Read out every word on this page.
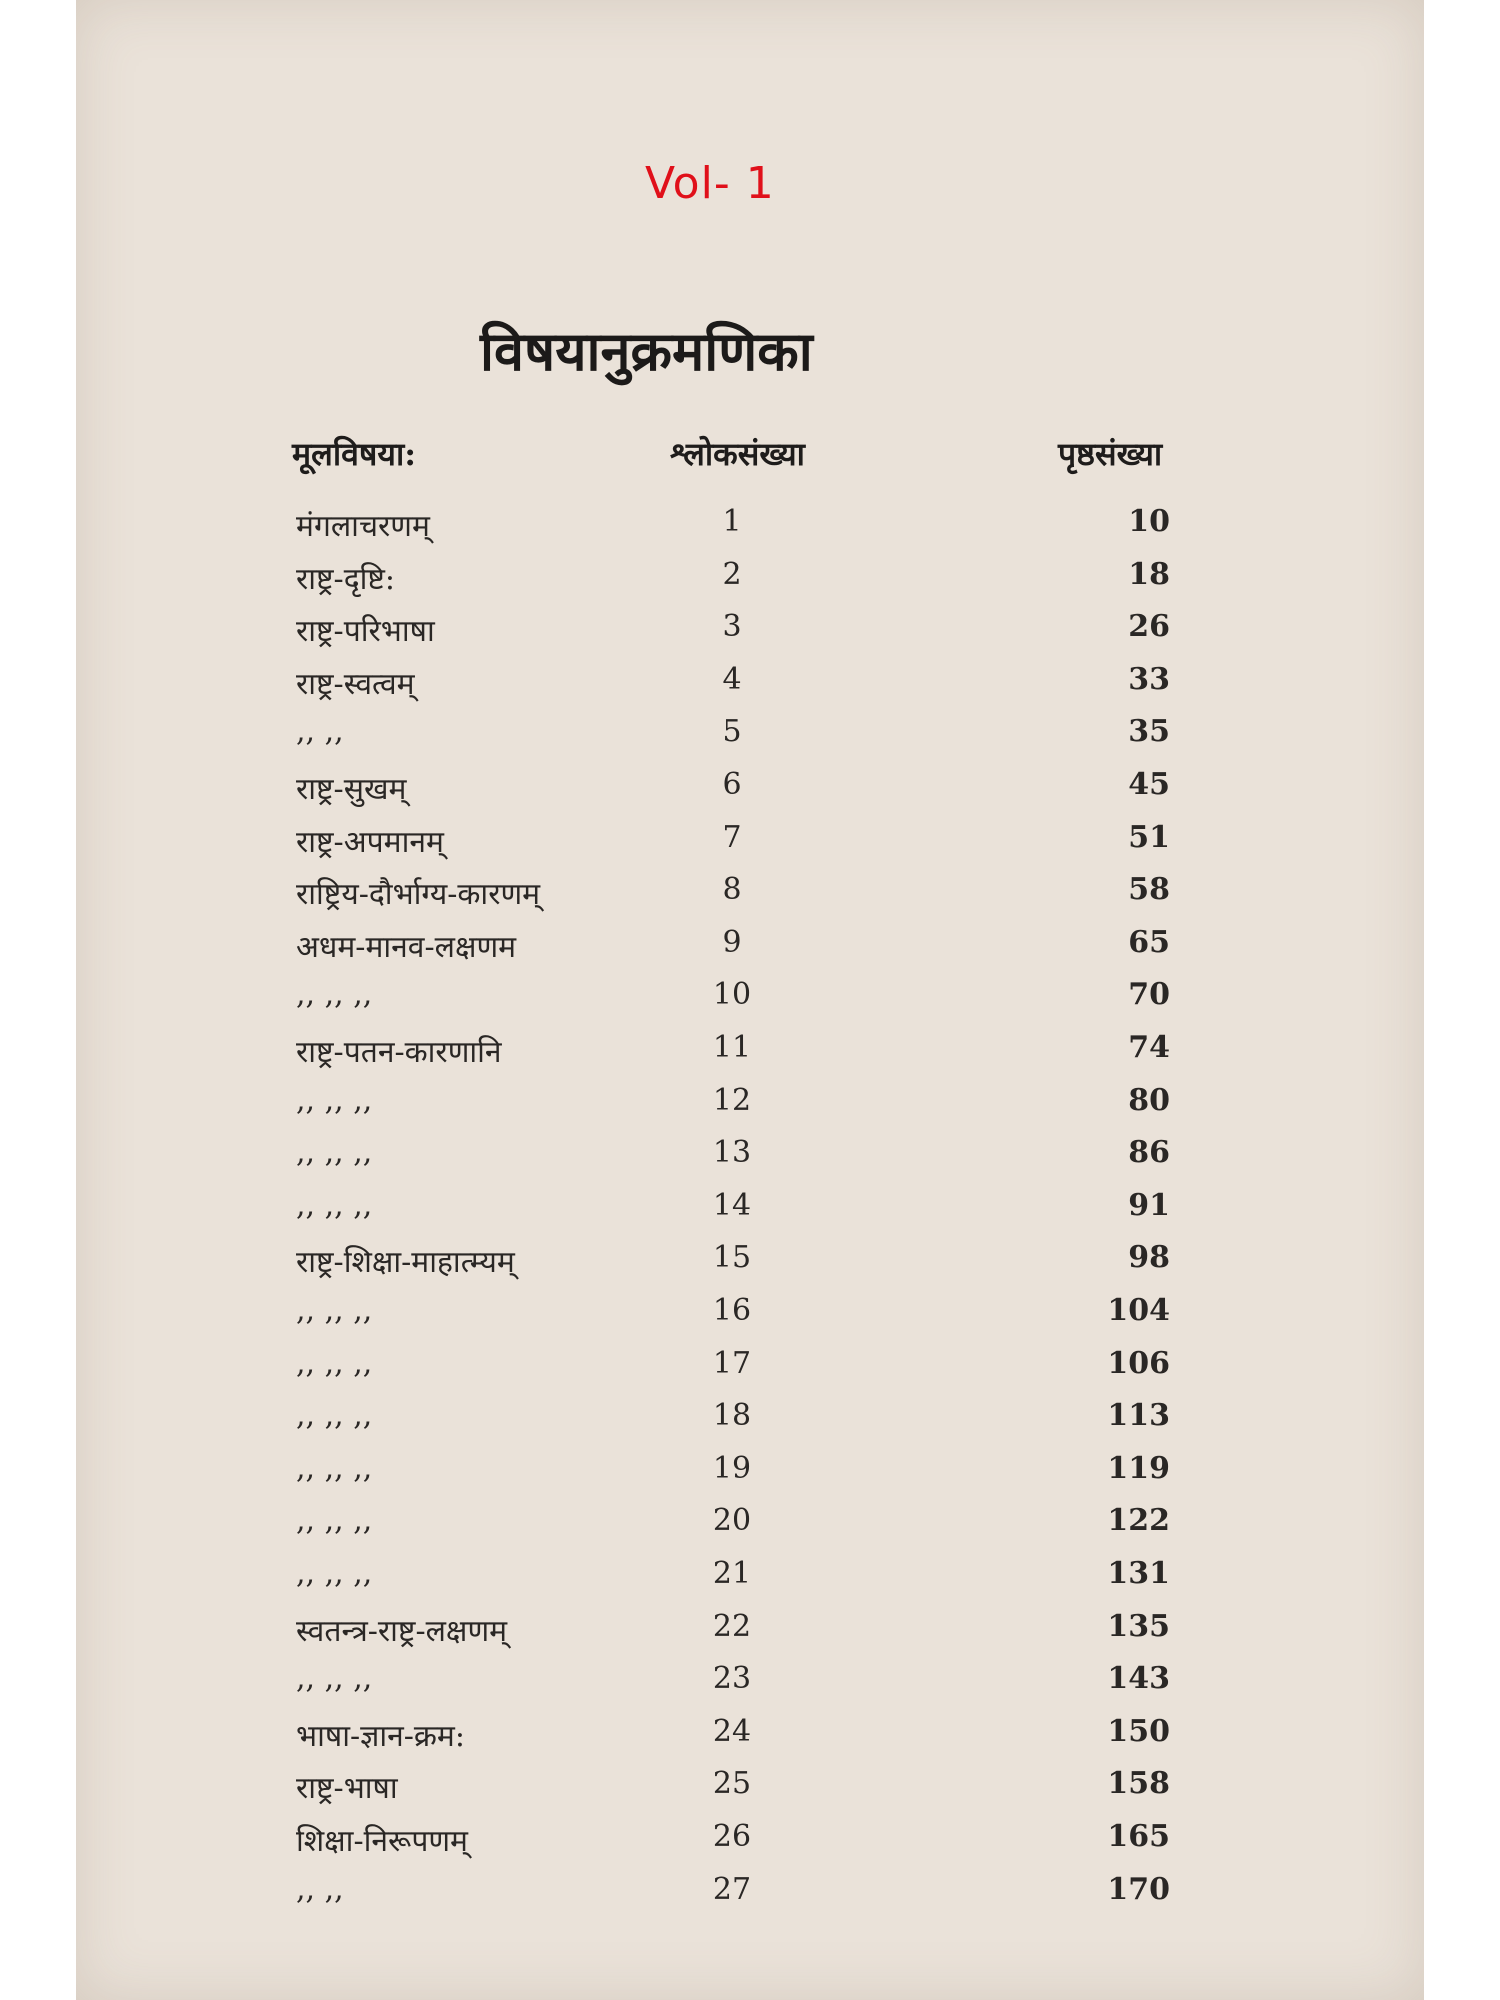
Vol- 1
विषयानुक्रमणिका
मूलविषया:	श्लोकसंख्या	पृष्ठसंख्या
मंगलाचरणम्	1	10
राष्ट्र-दृष्टि:	2	18
राष्ट्र-परिभाषा	3	26
राष्ट्र-स्वत्वम्	4	33
,, ,,	5	35
राष्ट्र-सुखम्	6	45
राष्ट्र-अपमानम्	7	51
राष्ट्रिय-दौर्भाग्य-कारणम्	8	58
अधम-मानव-लक्षणम	9	65
,, ,, ,,	10	70
राष्ट्र-पतन-कारणानि	11	74
,, ,, ,,	12	80
,, ,, ,,	13	86
,, ,, ,,	14	91
राष्ट्र-शिक्षा-माहात्म्यम्	15	98
,, ,, ,,	16	104
,, ,, ,,	17	106
,, ,, ,,	18	113
,, ,, ,,	19	119
,, ,, ,,	20	122
,, ,, ,,	21	131
स्वतन्त्र-राष्ट्र-लक्षणम्	22	135
,, ,, ,,	23	143
भाषा-ज्ञान-क्रम:	24	150
राष्ट्र-भाषा	25	158
शिक्षा-निरूपणम्	26	165
,, ,,	27	170
